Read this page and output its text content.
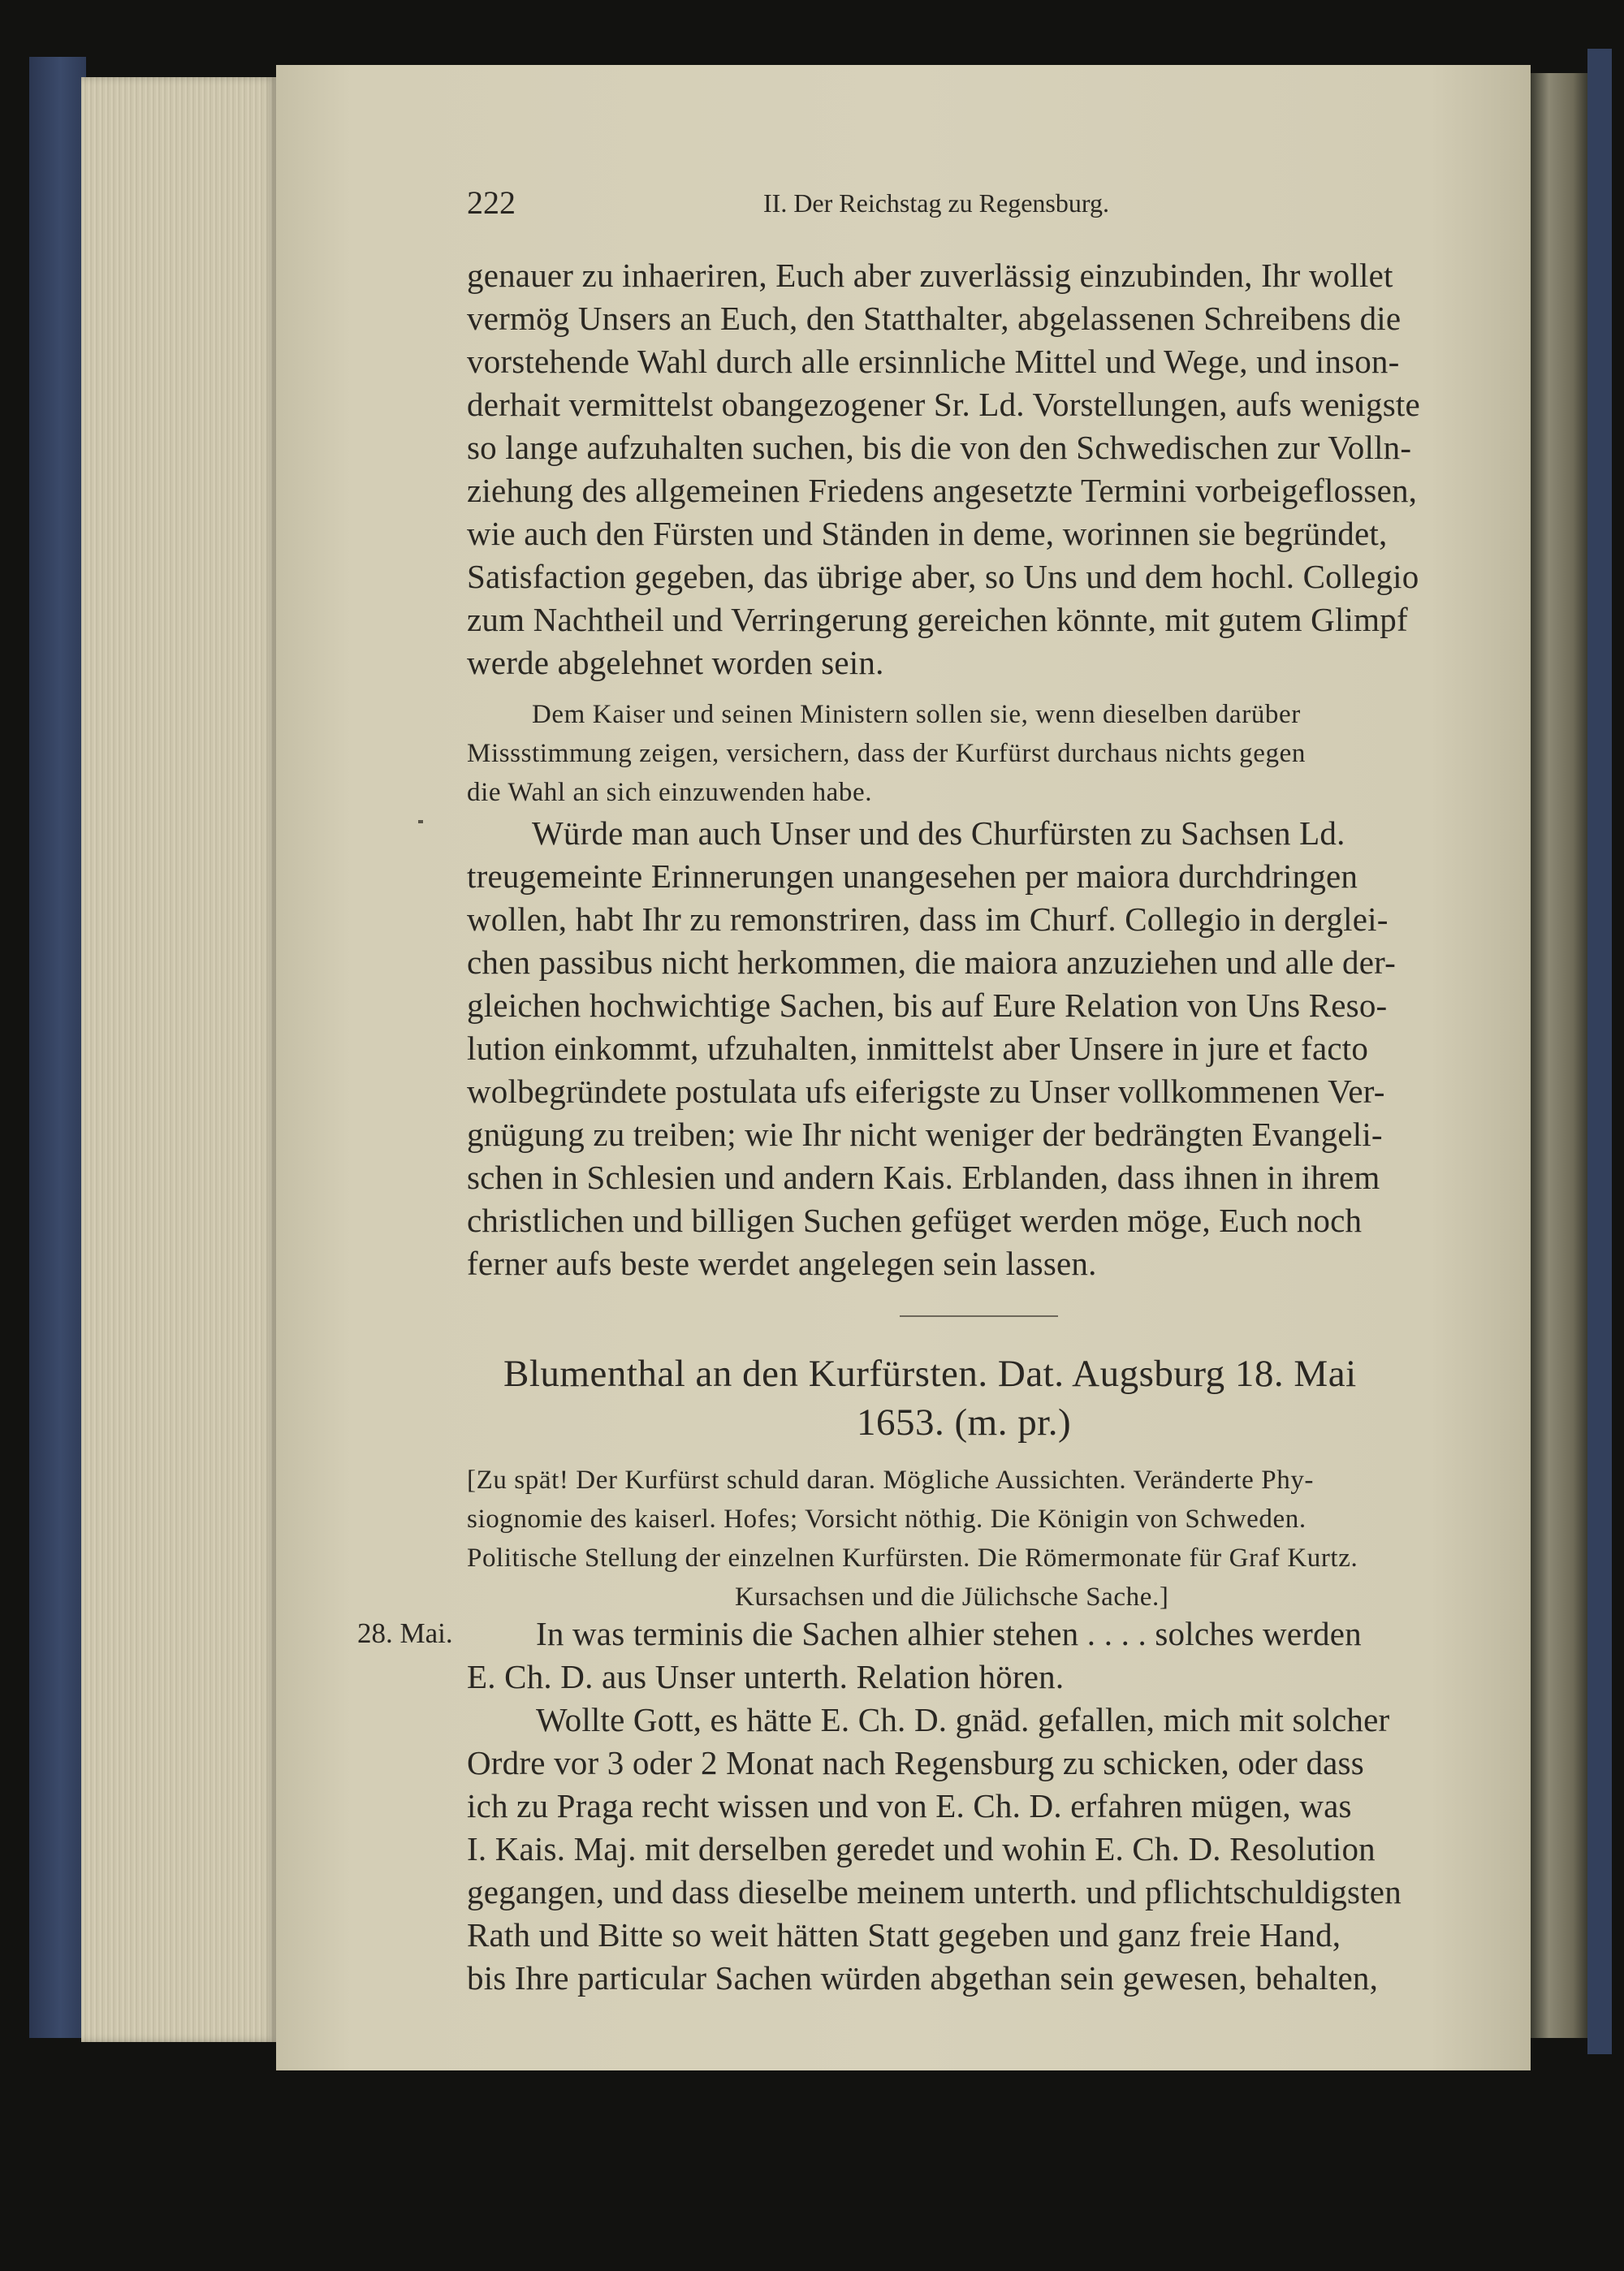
222	II. Der Reichstag zu Regensburg.
genauer zu inhaeriren, Euch aber zuverlässig einzubinden, Ihr wollet
vermög Unsers an Euch, den Statthalter, abgelassenen Schreibens die
vorstehende Wahl durch alle ersinnliche Mittel und Wege, und inson-
derhait vermittelst obangezogener Sr. Ld. Vorstellungen, aufs wenigste
so lange aufzuhalten suchen, bis die von den Schwedischen zur Volln-
ziehung des allgemeinen Friedens angesetzte Termini vorbeigeflossen,
wie auch den Fürsten und Ständen in deme, worinnen sie begründet,
Satisfaction gegeben, das übrige aber, so Uns und dem hochl. Collegio
zum Nachtheil und Verringerung gereichen könnte, mit gutem Glimpf
werde abgelehnet worden sein.
Dem Kaiser und seinen Ministern sollen sie, wenn dieselben darüber
Missstimmung zeigen, versichern, dass der Kurfürst durchaus nichts gegen
die Wahl an sich einzuwenden habe.
Würde man auch Unser und des Churfürsten zu Sachsen Ld.
treugemeinte Erinnerungen unangesehen per maiora durchdringen
wollen, habt Ihr zu remonstriren, dass im Churf. Collegio in derglei-
chen passibus nicht herkommen, die maiora anzuziehen und alle der-
gleichen hochwichtige Sachen, bis auf Eure Relation von Uns Reso-
lution einkommt, ufzuhalten, inmittelst aber Unsere in jure et facto
wolbegründete postulata ufs eiferigste zu Unser vollkommenen Ver-
gnügung zu treiben; wie Ihr nicht weniger der bedrängten Evangeli-
schen in Schlesien und andern Kais. Erblanden, dass ihnen in ihrem
christlichen und billigen Suchen gefüget werden möge, Euch noch
ferner aufs beste werdet angelegen sein lassen.
Blumenthal an den Kurfürsten. Dat. Augsburg 18. Mai
1653. (m. pr.)
[Zu spät! Der Kurfürst schuld daran. Mögliche Aussichten. Veränderte Phy-
siognomie des kaiserl. Hofes; Vorsicht nöthig. Die Königin von Schweden.
Politische Stellung der einzelnen Kurfürsten. Die Römermonate für Graf Kurtz.
Kursachsen und die Jülichsche Sache.]
28. Mai. In was terminis die Sachen alhier stehen . . . . solches werden
E. Ch. D. aus Unser unterth. Relation hören.
Wollte Gott, es hätte E. Ch. D. gnäd. gefallen, mich mit solcher
Ordre vor 3 oder 2 Monat nach Regensburg zu schicken, oder dass
ich zu Praga recht wissen und von E. Ch. D. erfahren mügen, was
I. Kais. Maj. mit derselben geredet und wohin E. Ch. D. Resolution
gegangen, und dass dieselbe meinem unterth. und pflichtschuldigsten
Rath und Bitte so weit hätten Statt gegeben und ganz freie Hand,
bis Ihre particular Sachen würden abgethan sein gewesen, behalten,
